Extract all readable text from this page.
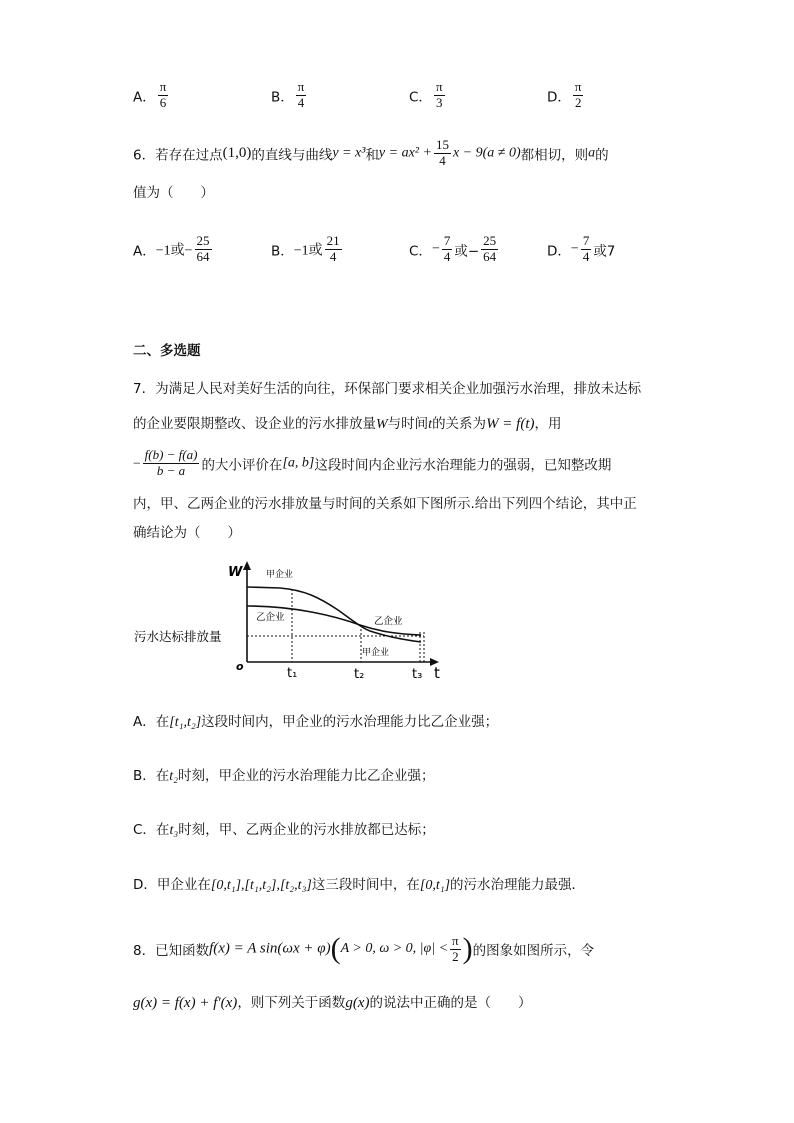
A． $\frac{\pi}{6}$	B． $\frac{\pi}{4}$	C． $\frac{\pi}{3}$	D． $\frac{\pi}{2}$
6．若存在过点(1,0)的直线与曲线y = x³和$y = ax^2 + \frac{15}{4}$ x − 9(a ≠ 0)都相切，则a的
值为（　　）
A．−1或− $\frac{25}{64}$	B．−1或 $\frac{21}{4}$	C．− $\frac{7}{4}$ 或− $\frac{25}{64}$	D．− $\frac{7}{4}$ 或7
二、多选题
7．为满足人民对美好生活的向往，环保部门要求相关企业加强污水治理，排放未达标
的企业要限期整改、设企业的污水排放量W与时间t的关系为W = f(t)，用
− $\frac{f(b) - f(a)}{b - a}$ 的大小评价在[a, b]这段时间内企业污水治理能力的强弱，已知整改期
内，甲、乙两企业的污水排放量与时间的关系如下图所示.给出下列四个结论，其中正
确结论为（　　）
W
t
o
甲企业
乙企业	乙企业
甲企业
污水达标排放量
t₁	t₂	t₃
A．在[t₁,t₂]这段时间内，甲企业的污水治理能力比乙企业强；
B．在t₂时刻，甲企业的污水治理能力比乙企业强；
C．在t₃时刻，甲、乙两企业的污水排放都已达标；
D．甲企业在[0,t₁],[t₁,t₂],[t₂,t₃]这三段时间中，在[0,t₁]的污水治理能力最强．
8．已知函数f(x) = A sin(ωx + φ)(A > 0, ω > 0, $|\varphi| < \frac{\pi}{2}$ )的图象如图所示，令
g(x) = f(x) + f′(x)，则下列关于函数g(x)的说法中正确的是（　　）
